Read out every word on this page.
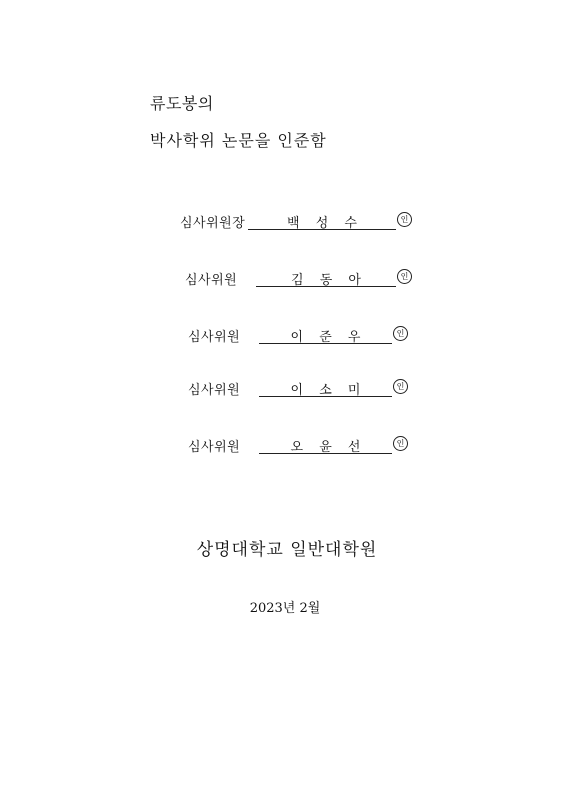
류도봉의
박사학위 논문을 인준함
심사위원장	백 성 수	인
심사위원	김 동 아	인
심사위원	이 준 우	인
심사위원	이 소 미	인
심사위원	오 윤 선	인
상명대학교 일반대학원
2023년 2월
